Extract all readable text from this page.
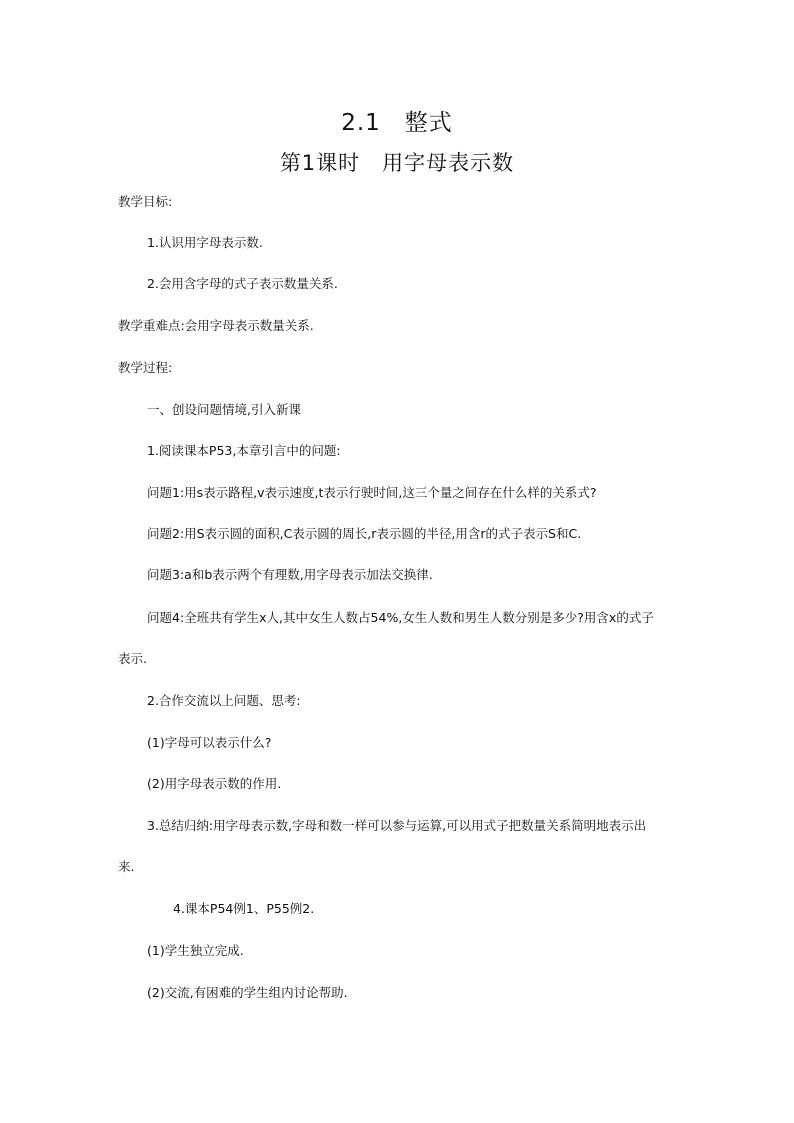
2.1　整式
第1课时　用字母表示数
教学目标:
1.认识用字母表示数.
2.会用含字母的式子表示数量关系.
教学重难点:会用字母表示数量关系.
教学过程:
一、创设问题情境,引入新课
1.阅读课本P53,本章引言中的问题:
问题1:用s表示路程,v表示速度,t表示行驶时间,这三个量之间存在什么样的关系式?
问题2:用S表示圆的面积,C表示圆的周长,r表示圆的半径,用含r的式子表示S和C.
问题3:a和b表示两个有理数,用字母表示加法交换律.
问题4:全班共有学生x人,其中女生人数占54%,女生人数和男生人数分别是多少?用含x的式子
表示.
2.合作交流以上问题、思考:
(1)字母可以表示什么?
(2)用字母表示数的作用.
3.总结归纳:用字母表示数,字母和数一样可以参与运算,可以用式子把数量关系简明地表示出
来.
4.课本P54例1、P55例2.
(1)学生独立完成.
(2)交流,有困难的学生组内讨论帮助.
